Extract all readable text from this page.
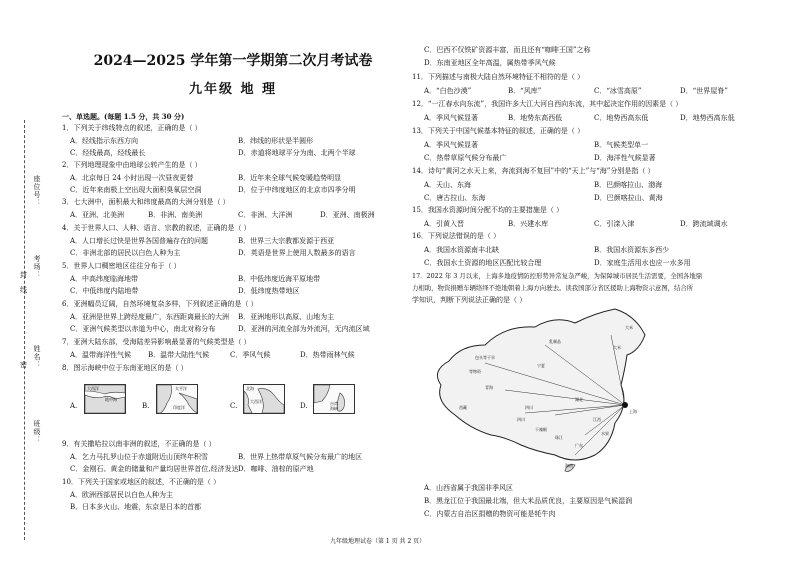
座位号：
考场：
班级：
姓名：
封
线
密
2024—2025 学年第一学期第二次月考试卷
九年级 地 理
一、单选题。(每题 1.5 分，共 30 分)
1．下列关于纬线特点的叙述，正确的是（ ）
A．经线指示东西方向	B．纬线的形状是半圆形
C．经线最高，经线最长	D．赤道将地球平分为南、北两个半球
2．下列地理现象中由地球公转产生的是（ ）
A．北京每日 24 小时出现一次昼夜更替	B．近年来全球气候变暖趋势明显
C．近年来南极上空出现大面积臭氧层空洞	D．位于中纬度地区的北京市四季分明
3．七大洲中，面积最大和纬度最高的大洲分别是（ ）
A．亚洲、北美洲	B．非洲、南美洲	C．非洲、大洋洲	D．亚洲、南极洲
4．关于世界人口、人种、语言、宗教的叙述，正确的是（ ）
A．人口增长过快是世界各国普遍存在的问题	B．世界三大宗教都发源于西亚
C．非洲北部的居民以白色人种为主	D．英语是世界上使用人数最多的语言
5．世界人口稠密地区往往分布于（ ）
A．中高纬度临海地带	B．中低纬度近海平原地带
C．中低纬度内陆地带	D．低纬度热带地区
6．亚洲幅员辽阔，自然环境复杂多样，下列叙述正确的是（ ）
A．亚洲是世界上跨经度最广，东西距离最长的大洲 B．亚洲地形以高原、山地为主
C．亚洲气候类型以赤道为中心，南北对称分布	D．亚洲的河流全部为外流河，无内流区域
7．亚洲大陆东部，受海陆差异影响最显著的气候类型是（ ）
A．温带海洋性气候 B．温带大陆性气候	C．季风气候	D．热带雨林气候
8．图示海峡中位于东南亚地区的是（ ）
A.
大西洋
地中海
B.
太平洋
印度洋	C.
北海
大西洋
D.	台湾
海峡
9．有关撒哈拉以南非洲的叙述，不正确的是（ ）
A．乞力马扎罗山位于赤道附近山顶终年积雪	B．世界上热带草原气候分布最广的地区
C．金刚石、黄金的储量和产量均居世界首位,经济发达 D．咖啡、油棕的原产地
10．下列关于国家或地区的叙述，不正确的是（ ）
A．欧洲西部居民以白色人种为主
B．日本多火山、地震，东京是日本的首都
C．巴西不仅铁矿资源丰富，而且还有“咖啡王国”之称
D．东南亚地区全年高温，属热带季风气候
11．下列描述与南极大陆自然环境特征不相符的是（ ）
A．“白色沙漠”	B．“风库”	C．“冰雪高原”	D．“世界屋脊”
12．“一江春水向东流”，我国许多大江大河自西向东流，其中起决定作用的因素是（ ）
A．季风气候显著	B．地势东高西低	C．地势西高东低	D．地势西高东低
13．下列关于中国气候基本特征的叙述，正确的是（ ）
A．季风气候显著	B．气候类型单一
C．热带草原气候分布最广	D．海洋性气候显著
14．诗句“黄河之水天上来，奔流到海不复回”中的“天上”与“海”分别是指（ ）
A．天山、东海	B．巴颜喀拉山、渤海
C．唐古拉山、东海	D．巴颜喀拉山、黄海
15．我国水资源时间分配不均的主要措施是（ ）
A．引黄入晋	B．兴建水库	C．引滦入津	D．跨流域调水
16．下列说法错误的是（ ）
A．我国水资源南丰北缺	B．我国水资源东多西少
C．我国水土资源的地区匹配比较合理	D．家庭生活用水也应一水多用
17．2022 年 3 月以来，上海多地疫情防控形势异常复杂严峻，为保障城市居民生活需要，全国各地鼎
力相助，物资捐赠车辆络绎不绝地朝着上海方向驶去。读我国部分省区援助上海物资示意图，结合所
学知识，判断下列说法正确的是（ ）
包头等干旱
宁夏
青海
四川
湖北
江西
四川
广东
海南
大米
上海
干辣椒
珠江
西藏
等物资
大米
乳制品
水果
A．山西省属于我国非季风区
B．黑龙江位于我国最北端，但大米品质优良，主要原因是气候湿润
C．内蒙古自治区捐赠的物资可能是牦牛肉
九年级地理试卷（第 1 页 共 2 页）
